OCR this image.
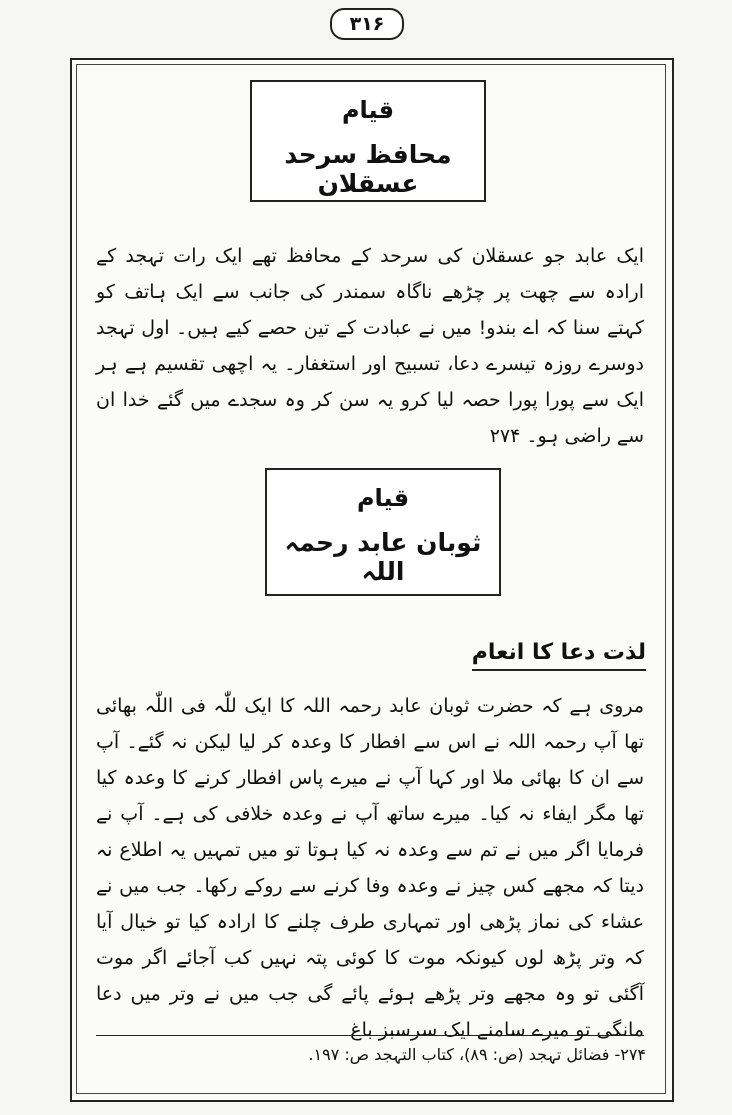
۳۱۶
قیام
محافظ سرحد عسقلان
ایک عابد جو عسقلان کی سرحد کے محافظ تھے ایک رات تہجد کے ارادہ سے چھت پر چڑھے ناگاہ سمندر کی جانب سے ایک ہاتف کو کہتے سنا کہ اے بندو! میں نے عبادت کے تین حصے کیے ہیں۔ اول تہجد دوسرے روزہ تیسرے دعا، تسبیح اور استغفار۔ یہ اچھی تقسیم ہے ہر ایک سے پورا پورا حصہ لیا کرو یہ سن کر وہ سجدے میں گئے خدا ان سے راضی ہو۔ ۲۷۴
قیام
ثوبان عابد رحمہ اللہ
لذت دعا کا انعام
مروی ہے کہ حضرت ثوبان عابد رحمہ اللہ کا ایک للّٰہ فی اللّٰہ بھائی تھا آپ رحمہ اللہ نے اس سے افطار کا وعدہ کر لیا لیکن نہ گئے۔ آپ سے ان کا بھائی ملا اور کہا آپ نے میرے پاس افطار کرنے کا وعدہ کیا تھا مگر ایفاء نہ کیا۔ میرے ساتھ آپ نے وعدہ خلافی کی ہے۔ آپ نے فرمایا اگر میں نے تم سے وعدہ نہ کیا ہوتا تو میں تمہیں یہ اطلاع نہ دیتا کہ مجھے کس چیز نے وعدہ وفا کرنے سے روکے رکھا۔ جب میں نے عشاء کی نماز پڑھی اور تمہاری طرف چلنے کا ارادہ کیا تو خیال آیا کہ وتر پڑھ لوں کیونکہ موت کا کوئی پتہ نہیں کب آجائے اگر موت آگئی تو وہ مجھے وتر پڑھے ہوئے پائے گی جب میں نے وتر میں دعا مانگی تو میرے سامنے ایک سرسبز باغ
۲۷۴- فضائل تہجد (ص: ۸۹)، کتاب التہجد ص: ۱۹۷.
